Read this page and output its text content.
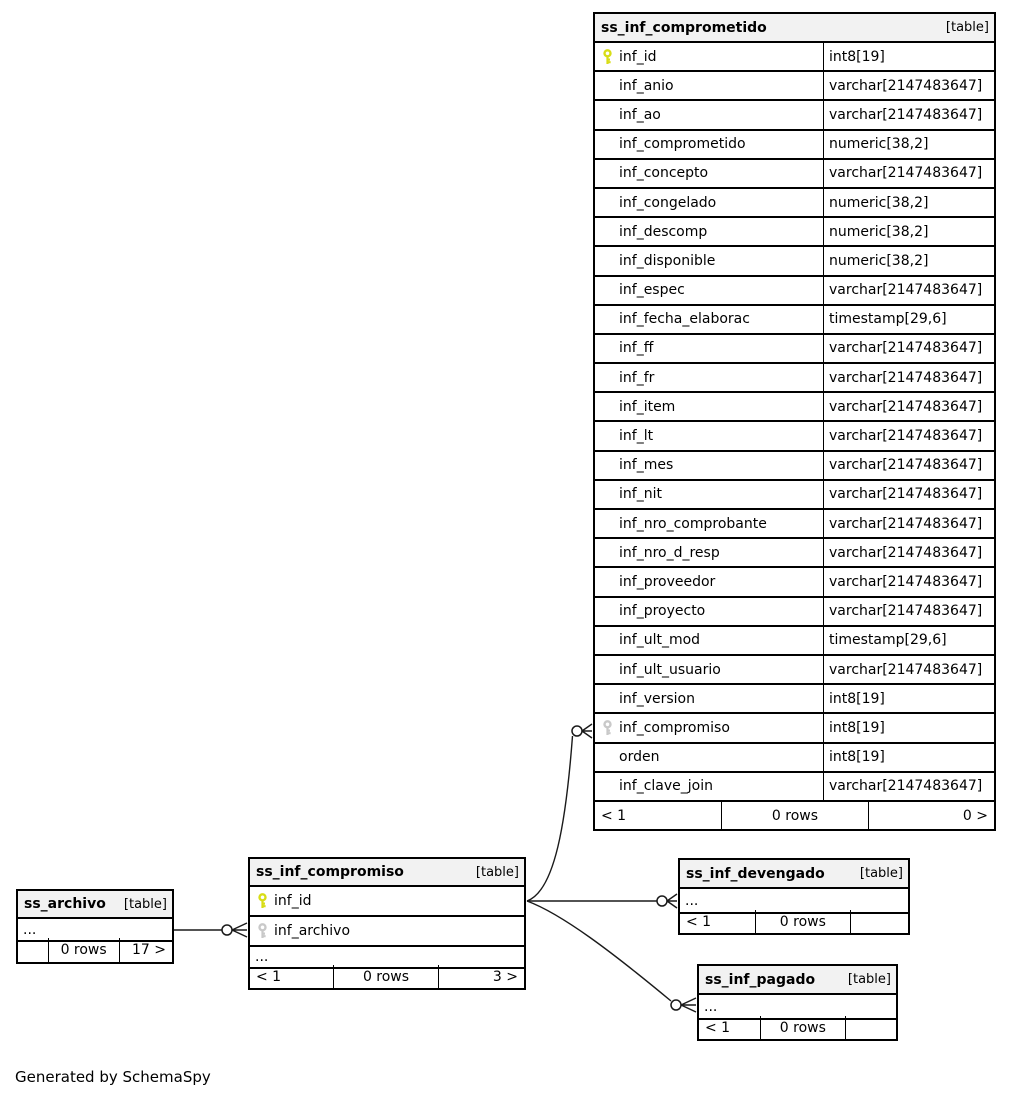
ss_inf_comprometido	[table]
inf_id	int8[19]
inf_anio	varchar[2147483647]
inf_ao	varchar[2147483647]
inf_comprometido	numeric[38,2]
inf_concepto	varchar[2147483647]
inf_congelado	numeric[38,2]
inf_descomp	numeric[38,2]
inf_disponible	numeric[38,2]
inf_espec	varchar[2147483647]
inf_fecha_elaborac	timestamp[29,6]
inf_ff	varchar[2147483647]
inf_fr	varchar[2147483647]
inf_item	varchar[2147483647]
inf_lt	varchar[2147483647]
inf_mes	varchar[2147483647]
inf_nit	varchar[2147483647]
inf_nro_comprobante	varchar[2147483647]
inf_nro_d_resp	varchar[2147483647]
inf_proveedor	varchar[2147483647]
inf_proyecto	varchar[2147483647]
inf_ult_mod	timestamp[29,6]
inf_ult_usuario	varchar[2147483647]
inf_version	int8[19]
inf_compromiso	int8[19]
orden	int8[19]
inf_clave_join	varchar[2147483647]
< 1	0 rows	0 >
ss_archivo	[table]
...
0 rows	17 >
ss_inf_compromiso	[table]
inf_id
inf_archivo
...
< 1	0 rows	3 >
ss_inf_devengado	[table]
...
< 1	0 rows
ss_inf_pagado	[table]
...
< 1	0 rows
Generated by SchemaSpy
